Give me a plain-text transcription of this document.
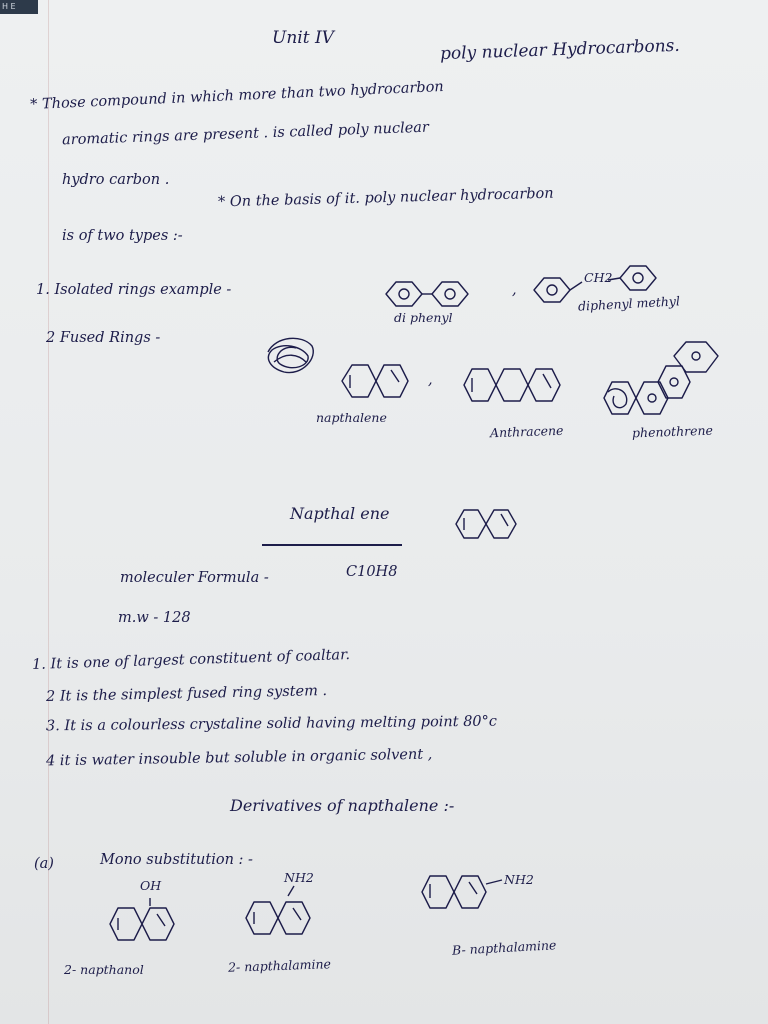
H E
Unit IV	poly nuclear Hydrocarbons.
* Those compound in which more than two hydrocarbon
aromatic rings are present . is called poly nuclear
hydro carbon .
* On the basis of it. poly nuclear hydrocarbon
is of two types :-
1. Isolated rings example -
di phenyl
,
CH2
diphenyl methyl
2 Fused Rings -
napthalene
,
Anthracene	phenothrene
Napthal ene
moleculer Formula -	C10H8
m.w - 128
1. It is one of largest constituent of coaltar.
2 It is the simplest fused ring system .
3. It is a colourless crystaline solid having melting point 80°c
4 it is water insouble but soluble in organic solvent ,
Derivatives of napthalene :-
(a)	Mono substitution : -
OH
2- napthanol
NH2
2- napthalamine
NH2
B- napthalamine
